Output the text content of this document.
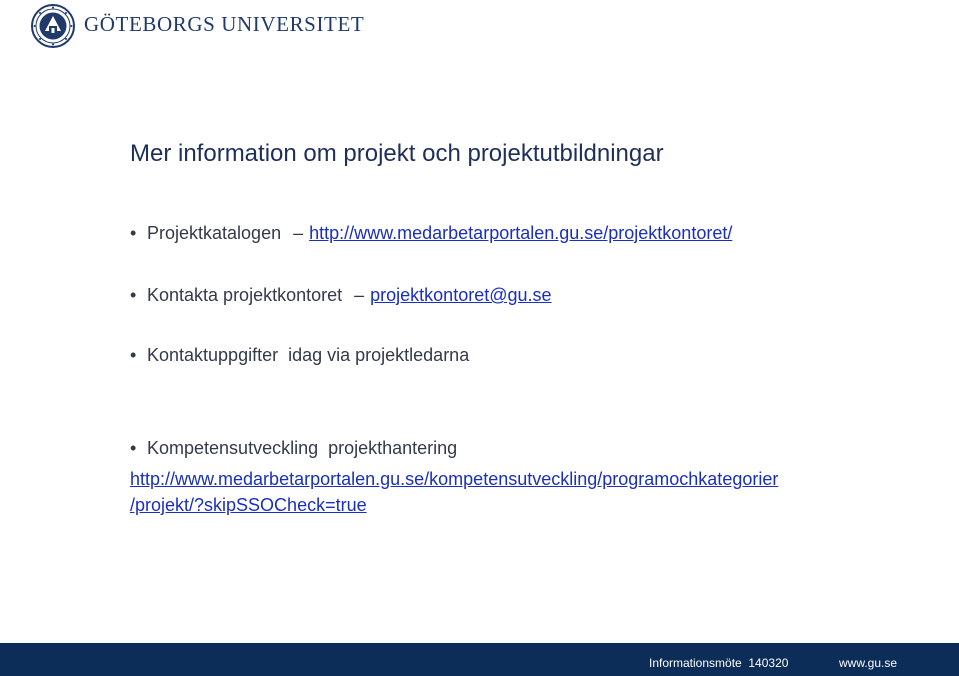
GÖTEBORGS UNIVERSITET
Mer information om projekt och projektutbildningar
• Projektkatalogen – http://www.medarbetarportalen.gu.se/projektkontoret/
• Kontakta projektkontoret – projektkontoret@gu.se
• Kontaktuppgifter  idag via projektledarna
• Kompetensutveckling  projekthantering
http://www.medarbetarportalen.gu.se/kompetensutveckling/programochkategorier
/projekt/?skipSSOCheck=true
Informationsmöte  140320	www.gu.se
